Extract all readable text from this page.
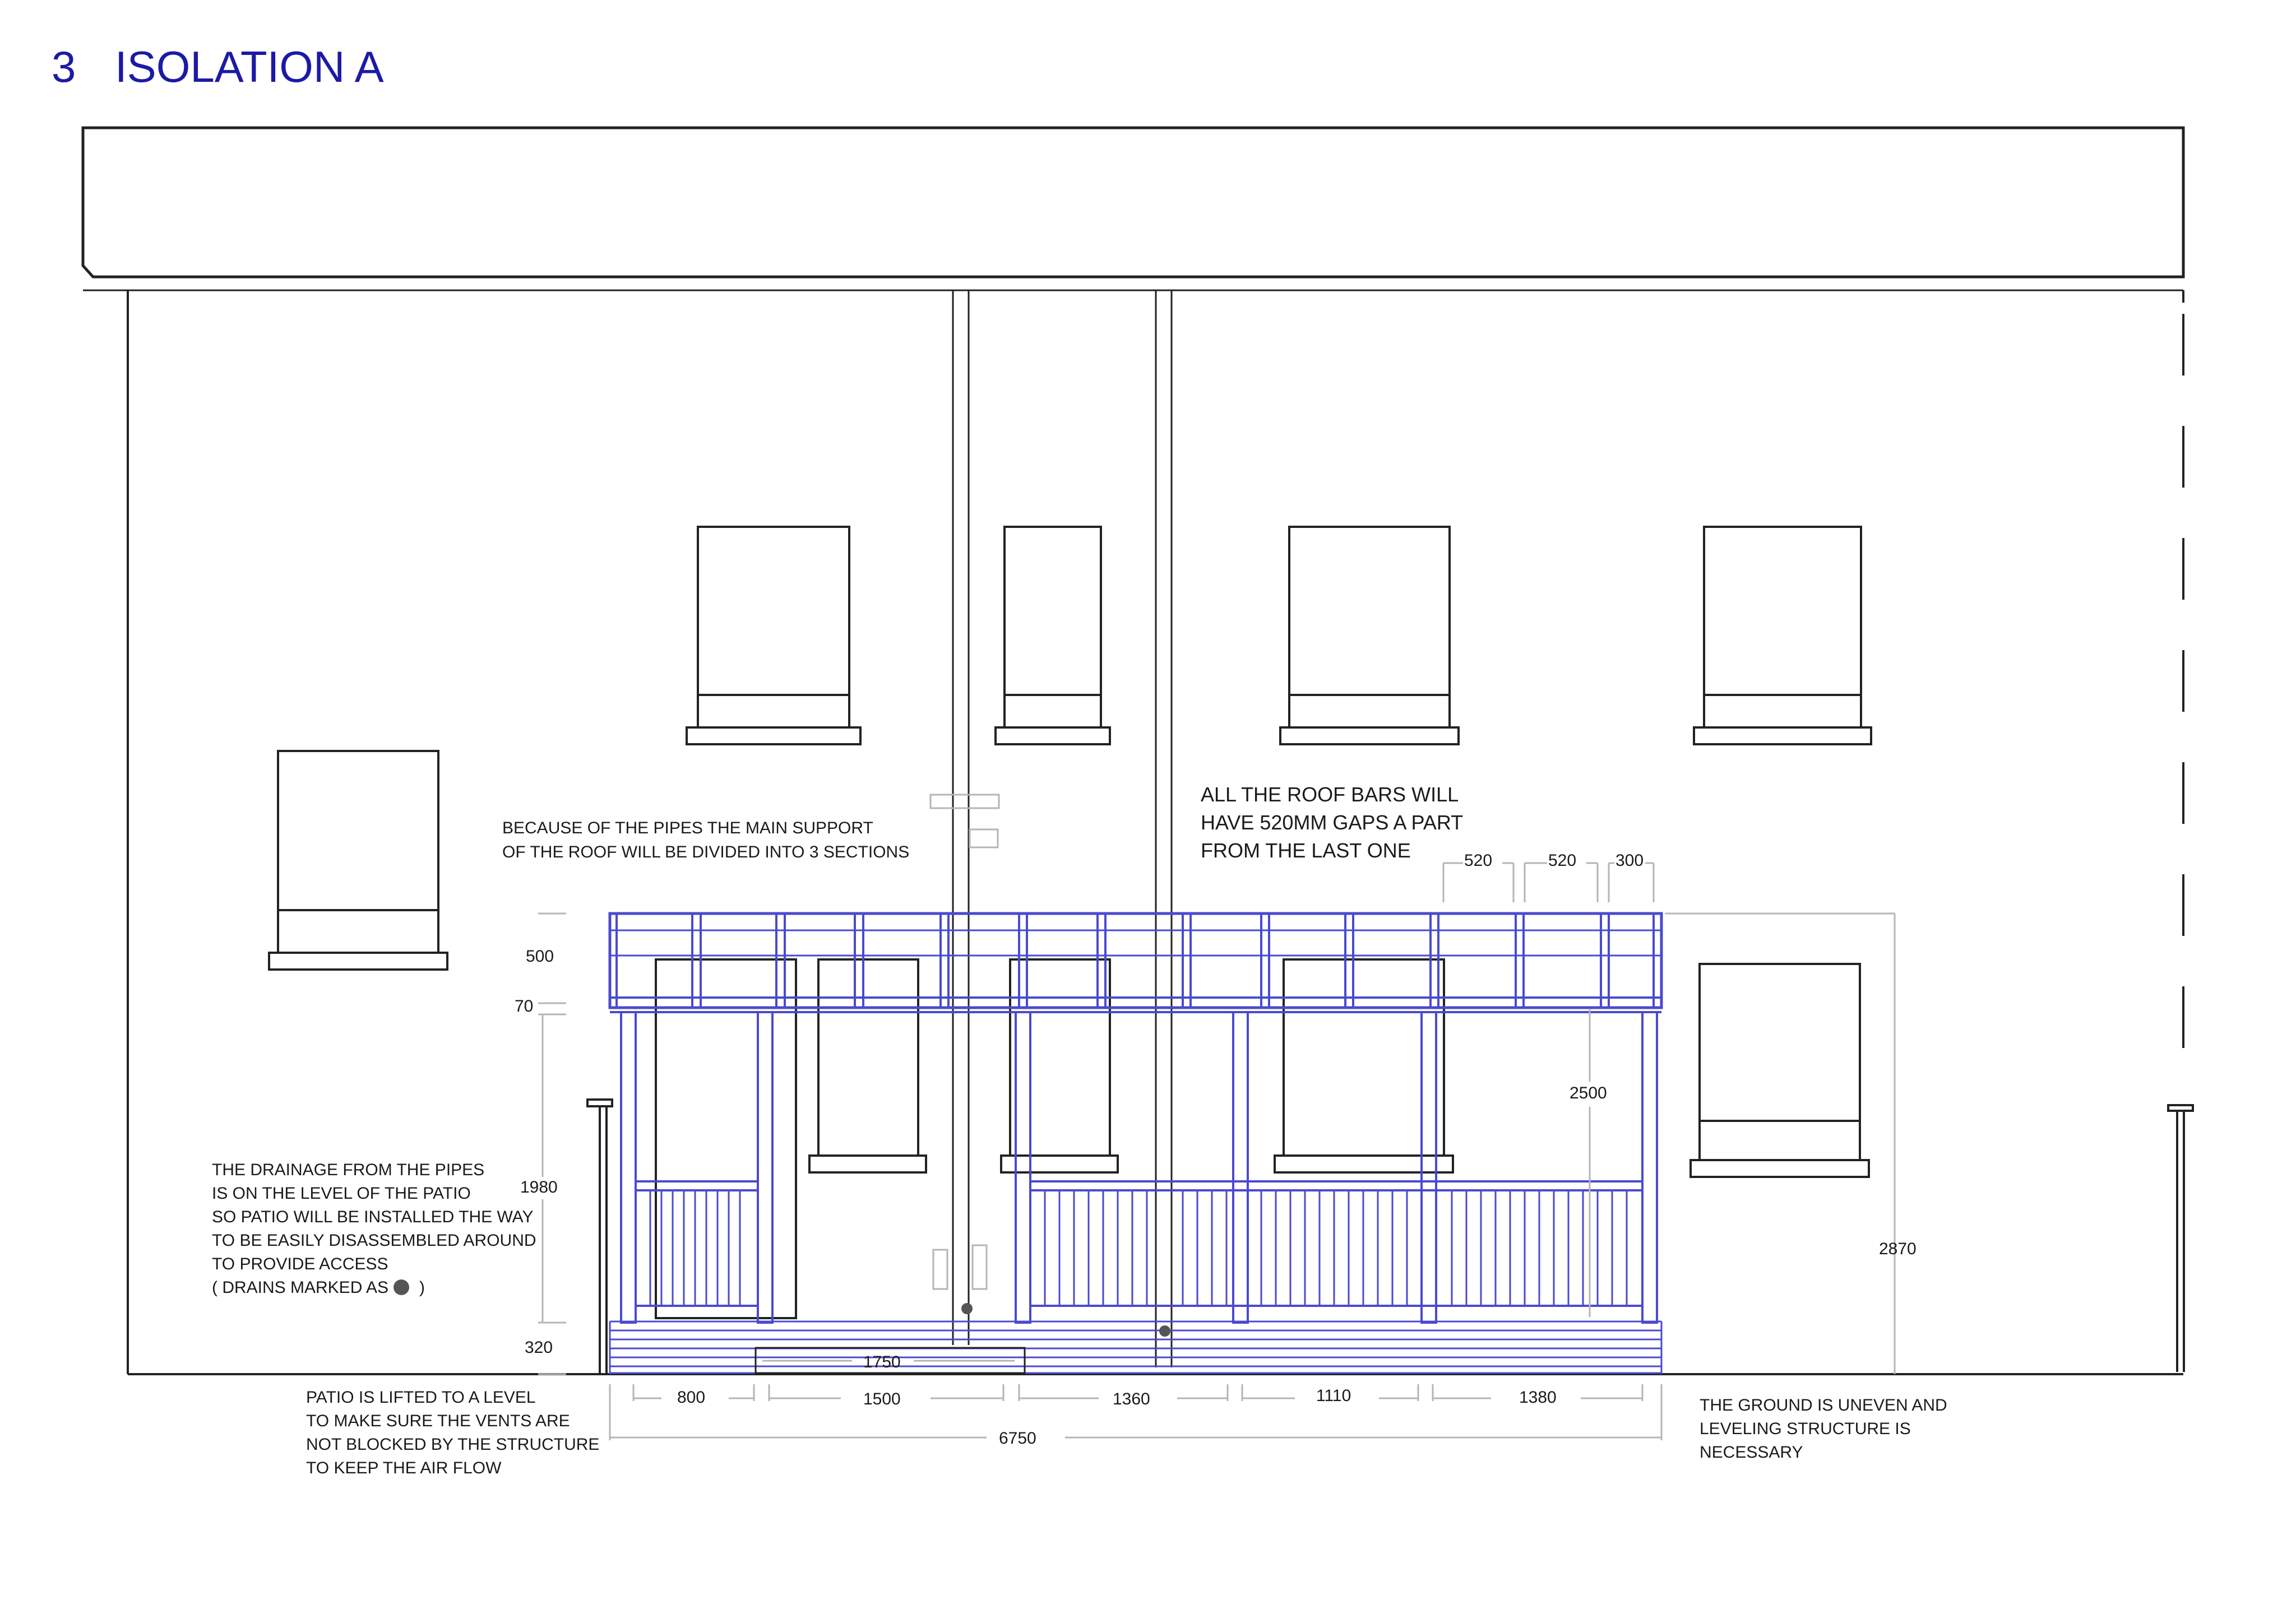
3 ISOLATION A
520	520 300
500
70
1980
320
2500
2870
1750
800	1500	1360	1110	1380
6750
BECAUSE OF THE PIPES THE MAIN SUPPORT
OF THE ROOF WILL BE DIVIDED INTO 3 SECTIONS
ALL THE ROOF BARS WILL
HAVE 520MM GAPS A PART
FROM THE LAST ONE
THE DRAINAGE FROM THE PIPES
IS ON THE LEVEL OF THE PATIO
SO PATIO WILL BE INSTALLED THE WAY
TO BE EASILY DISASSEMBLED AROUND
TO PROVIDE ACCESS
( DRAINS MARKED AS )
PATIO IS LIFTED TO A LEVEL
TO MAKE SURE THE VENTS ARE
NOT BLOCKED BY THE STRUCTURE
TO KEEP THE AIR FLOW
THE GROUND IS UNEVEN AND
LEVELING STRUCTURE IS
NECESSARY
